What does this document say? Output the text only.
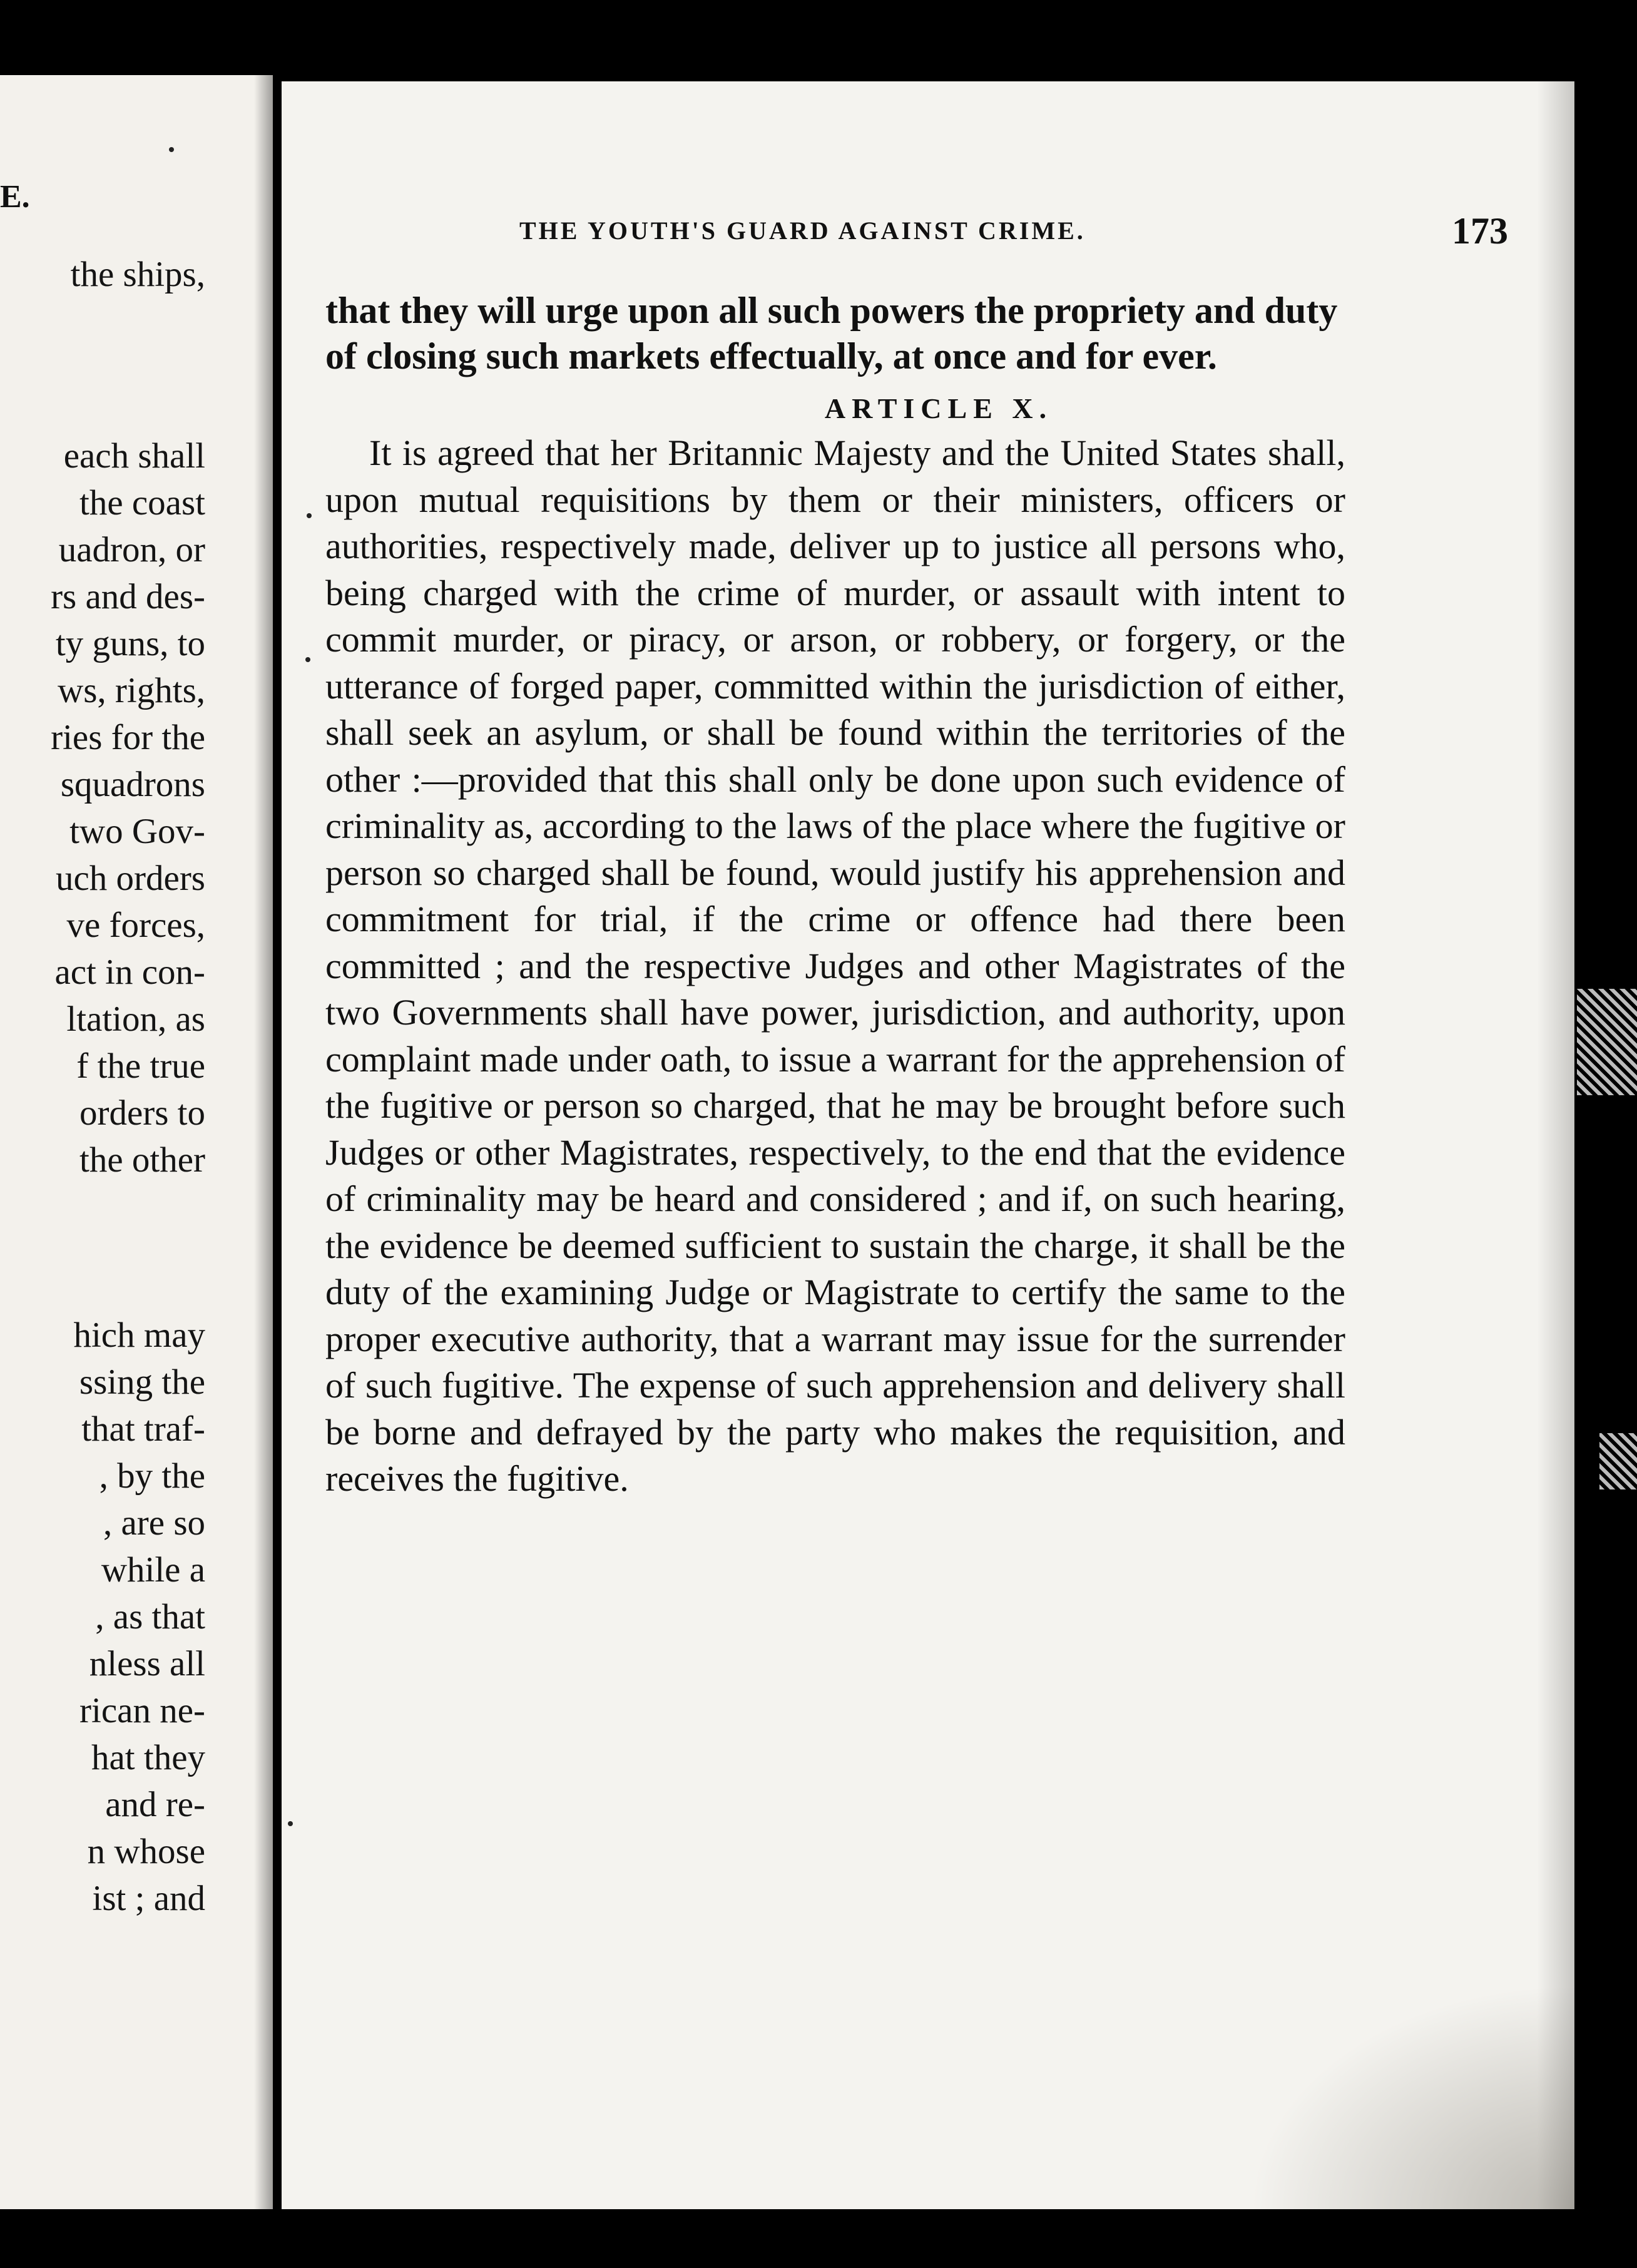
E.
the ships,
each shall
the coast
uadron, or
rs and des-
ty guns, to
ws, rights,
ries for the
squadrons
two Gov-
uch orders
ve forces,
act in con-
ltation, as
f the true
orders to
the other
hich may
ssing the
that traf-
, by the
, are so
while a
, as that
nless all
rican ne-
hat they
and re-
n whose
ist ; and
THE YOUTH'S GUARD AGAINST CRIME.	173

that they will urge upon all such powers the propriety and duty of closing such markets effectually, at once and for ever.

ARTICLE X.

It is agreed that her Britannic Majesty and the United States shall, upon mutual requisitions by them or their ministers, officers or authorities, respectively made, deliver up to justice all persons who, being charged with the crime of murder, or assault with intent to commit murder, or piracy, or arson, or robbery, or forgery, or the utterance of forged paper, committed within the jurisdiction of either, shall seek an asylum, or shall be found within the territories of the other :—provided that this shall only be done upon such evidence of criminality as, according to the laws of the place where the fugitive or person so charged shall be found, would justify his apprehension and commitment for trial, if the crime or offence had there been committed ; and the respective Judges and other Magistrates of the two Governments shall have power, jurisdiction, and authority, upon complaint made under oath, to issue a warrant for the apprehension of the fugitive or person so charged, that he may be brought before such Judges or other Magistrates, respectively, to the end that the evidence of criminality may be heard and considered ; and if, on such hearing, the evidence be deemed sufficient to sustain the charge, it shall be the duty of the examining Judge or Magistrate to certify the same to the proper executive authority, that a warrant may issue for the surrender of such fugitive. The expense of such apprehension and delivery shall be borne and defrayed by the party who makes the requisition, and receives the fugitive.
